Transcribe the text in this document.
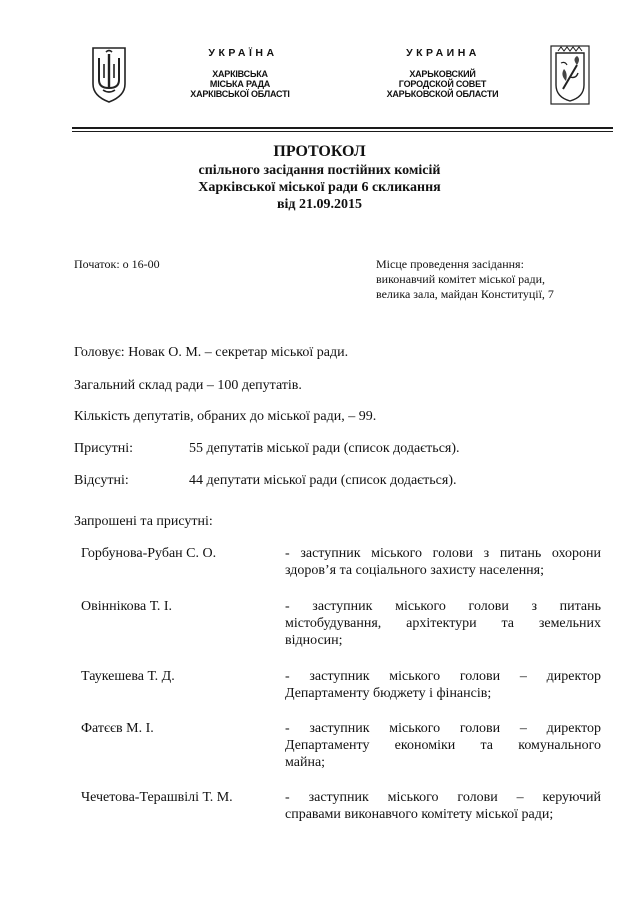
УКРАЇНА
ХАРКІВСЬКА
МІСЬКА РАДА
ХАРКІВСЬКОЇ ОБЛАСТІ
УКРАИНА
ХАРЬКОВСКИЙ
ГОРОДСКОЙ СОВЕТ
ХАРЬКОВСКОЙ ОБЛАСТИ
ПРОТОКОЛ
спільного засідання постійних комісій
Харківської міської ради 6 скликання
від 21.09.2015
Початок: о 16-00	Місце проведення засідання:
виконавчий комітет міської ради,
велика зала, майдан Конституції, 7
Головує: Новак О. М. – секретар міської ради.
Загальний склад ради – 100 депутатів.
Кількість депутатів, обраних до міської ради, – 99.
Присутні:	55 депутатів міської ради (список додається).
Відсутні:	44 депутати міської ради (список додається).
Запрошені та присутні:
Горбунова-Рубан С. О.	- заступник міського голови з питань охорони
здоров’я та соціального захисту населення;
Овіннікова Т. І.	- заступник міського голови з питань
містобудування, архітектури та земельних
відносин;
Таукешева Т. Д.	- заступник міського голови – директор
Департаменту бюджету і фінансів;
Фатєєв М. І.	- заступник міського голови – директор
Департаменту економіки та комунального
майна;
Чечетова-Терашвілі Т. М.	- заступник міського голови – керуючий
справами виконавчого комітету міської ради;
